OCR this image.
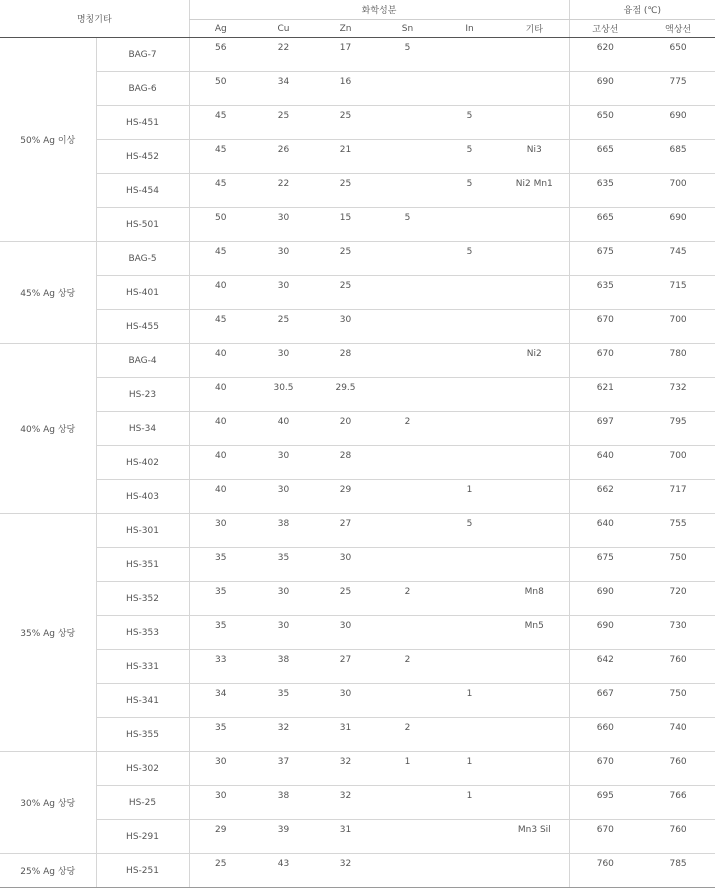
명칭기타		화학성분						융점 (℃)	
		Ag	Cu	Zn	Sn	In	기타	고상선	액상선
50% Ag 이상	BAG-7	56	22	17	5			620	650
	BAG-6	50	34	16				690	775
	HS-451	45	25	25		5		650	690
	HS-452	45	26	21		5	Ni3	665	685
	HS-454	45	22	25		5	Ni2 Mn1	635	700
	HS-501	50	30	15	5			665	690
45% Ag 상당	BAG-5	45	30	25		5		675	745
	HS-401	40	30	25				635	715
	HS-455	45	25	30				670	700
40% Ag 상당	BAG-4	40	30	28			Ni2	670	780
	HS-23	40	30.5	29.5				621	732
	HS-34	40	40	20	2			697	795
	HS-402	40	30	28				640	700
	HS-403	40	30	29		1		662	717
35% Ag 상당	HS-301	30	38	27		5		640	755
	HS-351	35	35	30				675	750
	HS-352	35	30	25	2		Mn8	690	720
	HS-353	35	30	30			Mn5	690	730
	HS-331	33	38	27	2			642	760
	HS-341	34	35	30		1		667	750
	HS-355	35	32	31	2			660	740
30% Ag 상당	HS-302	30	37	32	1	1		670	760
	HS-25	30	38	32		1		695	766
	HS-291	29	39	31			Mn3 Sil	670	760
25% Ag 상당	HS-251	25	43	32				760	785
